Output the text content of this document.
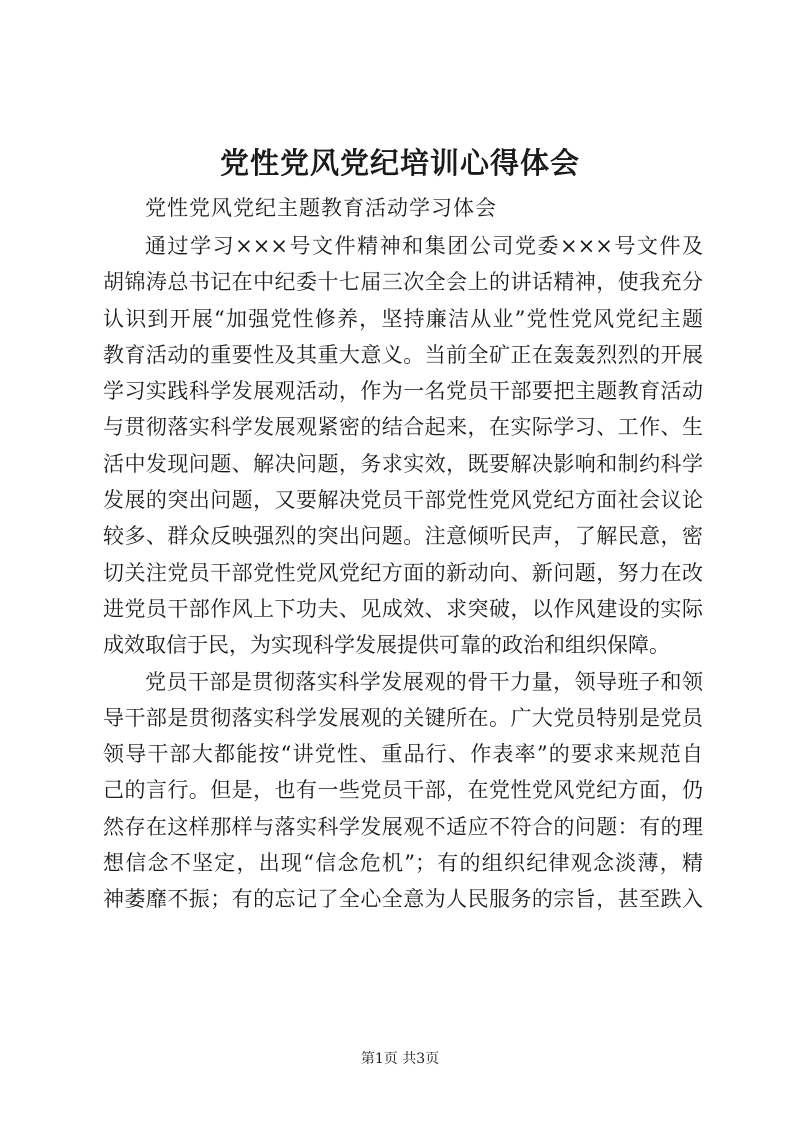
党性党风党纪培训心得体会
党性党风党纪主题教育活动学习体会
通过学习×××号文件精神和集团公司党委×××号文件及
胡锦涛总书记在中纪委十七届三次全会上的讲话精神，使我充分
认识到开展“加强党性修养，坚持廉洁从业”党性党风党纪主题
教育活动的重要性及其重大意义。当前全矿正在轰轰烈烈的开展
学习实践科学发展观活动，作为一名党员干部要把主题教育活动
与贯彻落实科学发展观紧密的结合起来，在实际学习、工作、生
活中发现问题、解决问题，务求实效，既要解决影响和制约科学
发展的突出问题，又要解决党员干部党性党风党纪方面社会议论
较多、群众反映强烈的突出问题。注意倾听民声，了解民意，密
切关注党员干部党性党风党纪方面的新动向、新问题，努力在改
进党员干部作风上下功夫、见成效、求突破，以作风建设的实际
成效取信于民，为实现科学发展提供可靠的政治和组织保障。
党员干部是贯彻落实科学发展观的骨干力量，领导班子和领
导干部是贯彻落实科学发展观的关键所在。广大党员特别是党员
领导干部大都能按“讲党性、重品行、作表率”的要求来规范自
己的言行。但是，也有一些党员干部，在党性党风党纪方面，仍
然存在这样那样与落实科学发展观不适应不符合的问题：有的理
想信念不坚定，出现“信念危机”；有的组织纪律观念淡薄，精
神萎靡不振；有的忘记了全心全意为人民服务的宗旨，甚至跌入
第1页 共3页
